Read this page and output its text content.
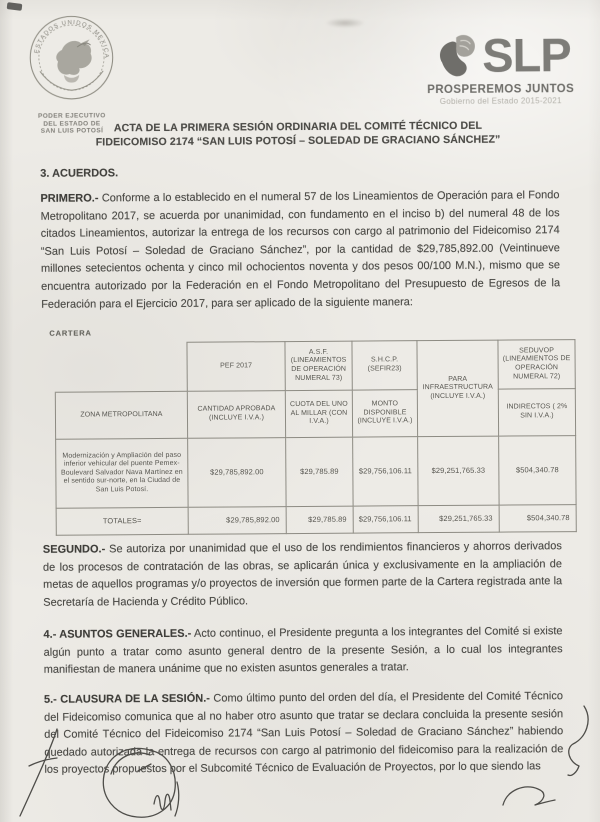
ESTADOS UNIDOS MEXICANOS
PODER EJECUTIVO
DEL ESTADO DE
SAN LUIS POTOSÍ
SLP
PROSPEREMOS JUNTOS
Gobierno del Estado 2015-2021
ACTA DE LA PRIMERA SESIÓN ORDINARIA DEL COMITÉ TÉCNICO DEL
FIDEICOMISO 2174 “SAN LUIS POTOSÍ – SOLEDAD DE GRACIANO SÁNCHEZ”
3. ACUERDOS.

PRIMERO.- Conforme a lo establecido en el numeral 57 de los Lineamientos de Operación para el Fondo Metropolitano 2017, se acuerda por unanimidad, con fundamento en el inciso b) del numeral 48 de los citados Lineamientos, autorizar la entrega de los recursos con cargo al patrimonio del Fideicomiso 2174 “San Luis Potosí – Soledad de Graciano Sánchez”, por la cantidad de $29,785,892.00 (Veintinueve millones setecientos ochenta y cinco mil ochocientos noventa y dos pesos 00/100 M.N.), mismo que se encuentra autorizado por la Federación en el Fondo Metropolitano del Presupuesto de Egresos de la Federación para el Ejercicio 2017, para ser aplicado de la siguiente manera:

CARTERA
	PEF 2017	A.S.F. (LINEAMIENTOS DE OPERACIÓN NUMERAL 73)	S.H.C.P. (SEFIR23)	PARA INFRAESTRUCTURA (INCLUYE I.V.A.)	SEDUVOP (LINEAMIENTOS DE OPERACIÓN NUMERAL 72)
ZONA METROPOLITANA	CANTIDAD APROBADA (INCLUYE I.V.A.)	CUOTA DEL UNO AL MILLAR (CON I.V.A.)	MONTO DISPONIBLE (INCLUYE I.V.A.)		INDIRECTOS ( 2% SIN I.V.A.)
Modernización y Ampliación del paso inferior vehicular del puente Pemex-Boulevard Salvador Nava Martínez en el sentido sur-norte, en la Ciudad de San Luis Potosí.	$29,785,892.00	$29,785.89	$29,756,106.11	$29,251,765.33	$504,340.78
TOTALES=	$29,785,892.00	$29,785.89	$29,756,106.11	$29,251,765.33	$504,340.78

SEGUNDO.- Se autoriza por unanimidad que el uso de los rendimientos financieros y ahorros derivados de los procesos de contratación de las obras, se aplicarán única y exclusivamente en la ampliación de metas de aquellos programas y/o proyectos de inversión que formen parte de la Cartera registrada ante la Secretaría de Hacienda y Crédito Público.

4.- ASUNTOS GENERALES.- Acto continuo, el Presidente pregunta a los integrantes del Comité si existe algún punto a tratar como asunto general dentro de la presente Sesión, a lo cual los integrantes manifiestan de manera unánime que no existen asuntos generales a tratar.

5.- CLAUSURA DE LA SESIÓN.- Como último punto del orden del día, el Presidente del Comité Técnico del Fideicomiso comunica que al no haber otro asunto que tratar se declara concluida la presente sesión del Comité Técnico del Fideicomiso 2174 “San Luis Potosí – Soledad de Graciano Sánchez” habiendo quedado autorizada la entrega de recursos con cargo al patrimonio del fideicomiso para la realización de los proyectos propuestos por el Subcomité Técnico de Evaluación de Proyectos, por lo que siendo las
